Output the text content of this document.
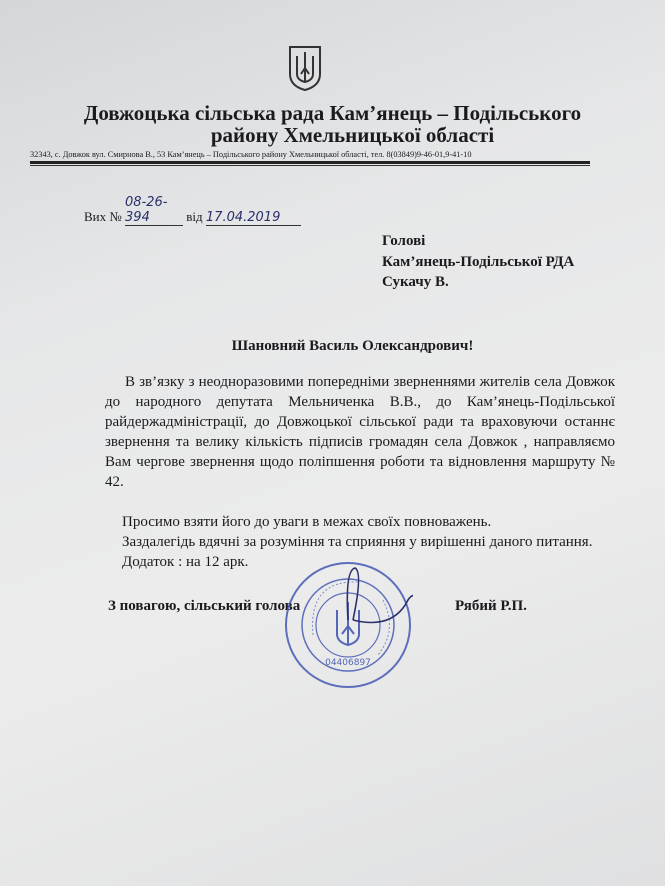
Довжоцька сільська рада Кам’янець – Подільського
району Хмельницької області
32343, с. Довжок вул. Смирнова В., 53 Кам’янець – Подільського району Хмельницької області, тел. 8(03849)9-46-01,9-41-10
Вих № 08-26-394	від 17.04.2019
Голові
Кам’янець-Подільської РДА
Сукачу В.
Шановний Василь Олександрович!

В зв’язку з неодноразовими попередніми зверненнями жителів села Довжок до народного депутата Мельниченка В.В., до Кам’янець-Подільської райдержадміністрації, до Довжоцької сільської ради та враховуючи останнє звернення та велику кількість підписів громадян села Довжок , направляємо Вам чергове звернення щодо поліпшення роботи та відновлення маршруту № 42.

Просимо взяти його до уваги в межах своїх повноважень.

Заздалегідь вдячні за розуміння та сприяння у вирішенні даного питання.

Додаток : на 12 арк.

З повагою, сільський голова	Рябий Р.П.
04406897
